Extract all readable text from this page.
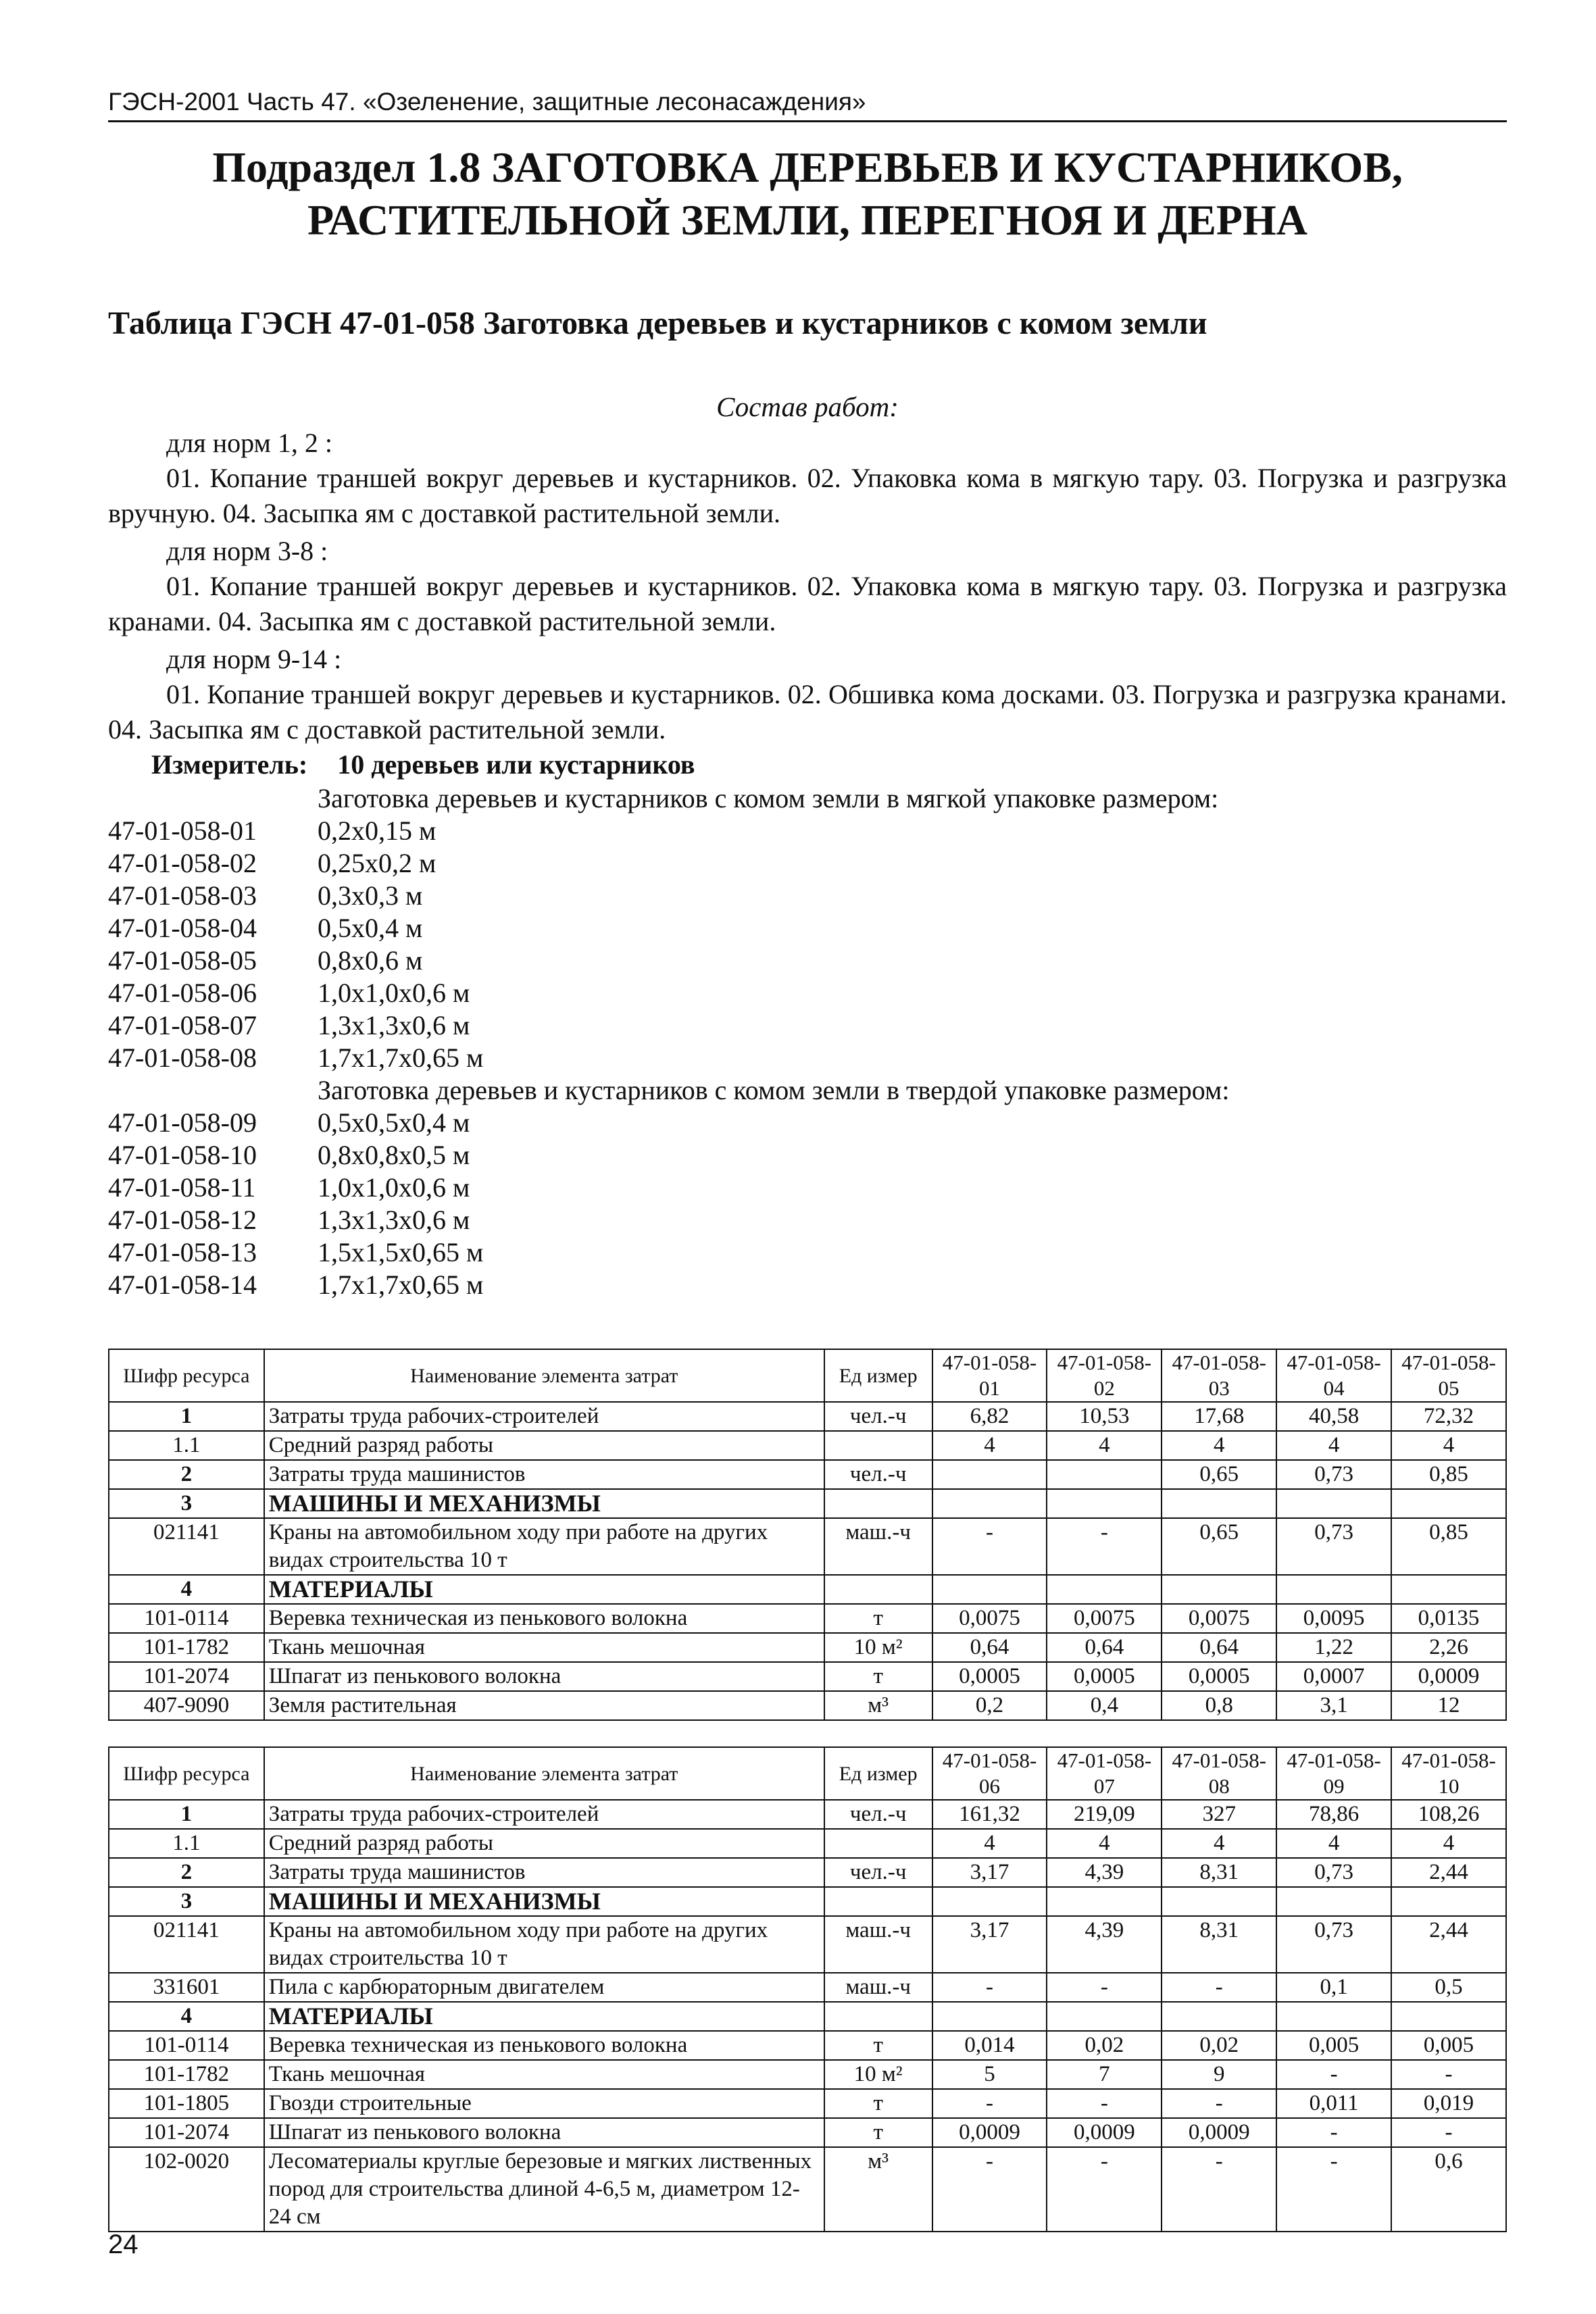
ГЭСН-2001 Часть 47. «Озеленение, защитные лесонасаждения»
Подраздел 1.8 ЗАГОТОВКА ДЕРЕВЬЕВ И КУСТАРНИКОВ,
РАСТИТЕЛЬНОЙ ЗЕМЛИ, ПЕРЕГНОЯ И ДЕРНА
Таблица ГЭСН 47-01-058 Заготовка деревьев и кустарников с комом земли
Состав работ:
для норм 1, 2 :
01. Копание траншей вокруг деревьев и кустарников. 02. Упаковка кома в мягкую тару. 03. Погрузка и разгрузка вручную. 04. Засыпка ям с доставкой растительной земли.
для норм 3-8 :
01. Копание траншей вокруг деревьев и кустарников. 02. Упаковка кома в мягкую тару. 03. Погрузка и разгрузка кранами. 04. Засыпка ям с доставкой растительной земли.
для норм 9-14 :
01. Копание траншей вокруг деревьев и кустарников. 02. Обшивка кома досками. 03. Погрузка и разгрузка кранами. 04. Засыпка ям с доставкой растительной земли.
Измеритель: 10 деревьев или кустарников
Заготовка деревьев и кустарников с комом земли в мягкой упаковке размером:
47-01-058-01	0,2х0,15 м
47-01-058-02	0,25х0,2 м
47-01-058-03	0,3х0,3 м
47-01-058-04	0,5х0,4 м
47-01-058-05	0,8х0,6 м
47-01-058-06	1,0х1,0х0,6 м
47-01-058-07	1,3х1,3х0,6 м
47-01-058-08	1,7х1,7х0,65 м
Заготовка деревьев и кустарников с комом земли в твердой упаковке размером:
47-01-058-09	0,5х0,5х0,4 м
47-01-058-10	0,8х0,8х0,5 м
47-01-058-11	1,0х1,0х0,6 м
47-01-058-12	1,3х1,3х0,6 м
47-01-058-13	1,5х1,5х0,65 м
47-01-058-14	1,7х1,7х0,65 м
Шифр ресурса	Наименование элемента затрат	Ед измер	47-01-058-01	47-01-058-02	47-01-058-03	47-01-058-04	47-01-058-05
1	Затраты труда рабочих-строителей	чел.-ч	6,82	10,53	17,68	40,58	72,32
1.1	Средний разряд работы		4	4	4	4	4
2	Затраты труда машинистов	чел.-ч			0,65	0,73	0,85
3	МАШИНЫ И МЕХАНИЗМЫ						
021141	Краны на автомобильном ходу при работе на других видах строительства 10 т	маш.-ч	-	-	0,65	0,73	0,85
4	МАТЕРИАЛЫ						
101-0114	Веревка техническая из пенькового волокна	т	0,0075	0,0075	0,0075	0,0095	0,0135
101-1782	Ткань мешочная	10 м²	0,64	0,64	0,64	1,22	2,26
101-2074	Шпагат из пенькового волокна	т	0,0005	0,0005	0,0005	0,0007	0,0009
407-9090	Земля растительная	м³	0,2	0,4	0,8	3,1	12
Шифр ресурса	Наименование элемента затрат	Ед измер	47-01-058-06	47-01-058-07	47-01-058-08	47-01-058-09	47-01-058-10
1	Затраты труда рабочих-строителей	чел.-ч	161,32	219,09	327	78,86	108,26
1.1	Средний разряд работы		4	4	4	4	4
2	Затраты труда машинистов	чел.-ч	3,17	4,39	8,31	0,73	2,44
3	МАШИНЫ И МЕХАНИЗМЫ						
021141	Краны на автомобильном ходу при работе на других видах строительства 10 т	маш.-ч	3,17	4,39	8,31	0,73	2,44
331601	Пила с карбюраторным двигателем	маш.-ч	-	-	-	0,1	0,5
4	МАТЕРИАЛЫ						
101-0114	Веревка техническая из пенькового волокна	т	0,014	0,02	0,02	0,005	0,005
101-1782	Ткань мешочная	10 м²	5	7	9	-	-
101-1805	Гвозди строительные	т	-	-	-	0,011	0,019
101-2074	Шпагат из пенькового волокна	т	0,0009	0,0009	0,0009	-	-
102-0020	Лесоматериалы круглые березовые и мягких лиственных пород для строительства длиной 4-6,5 м, диаметром 12-24 см	м³	-	-	-	-	0,6
24
